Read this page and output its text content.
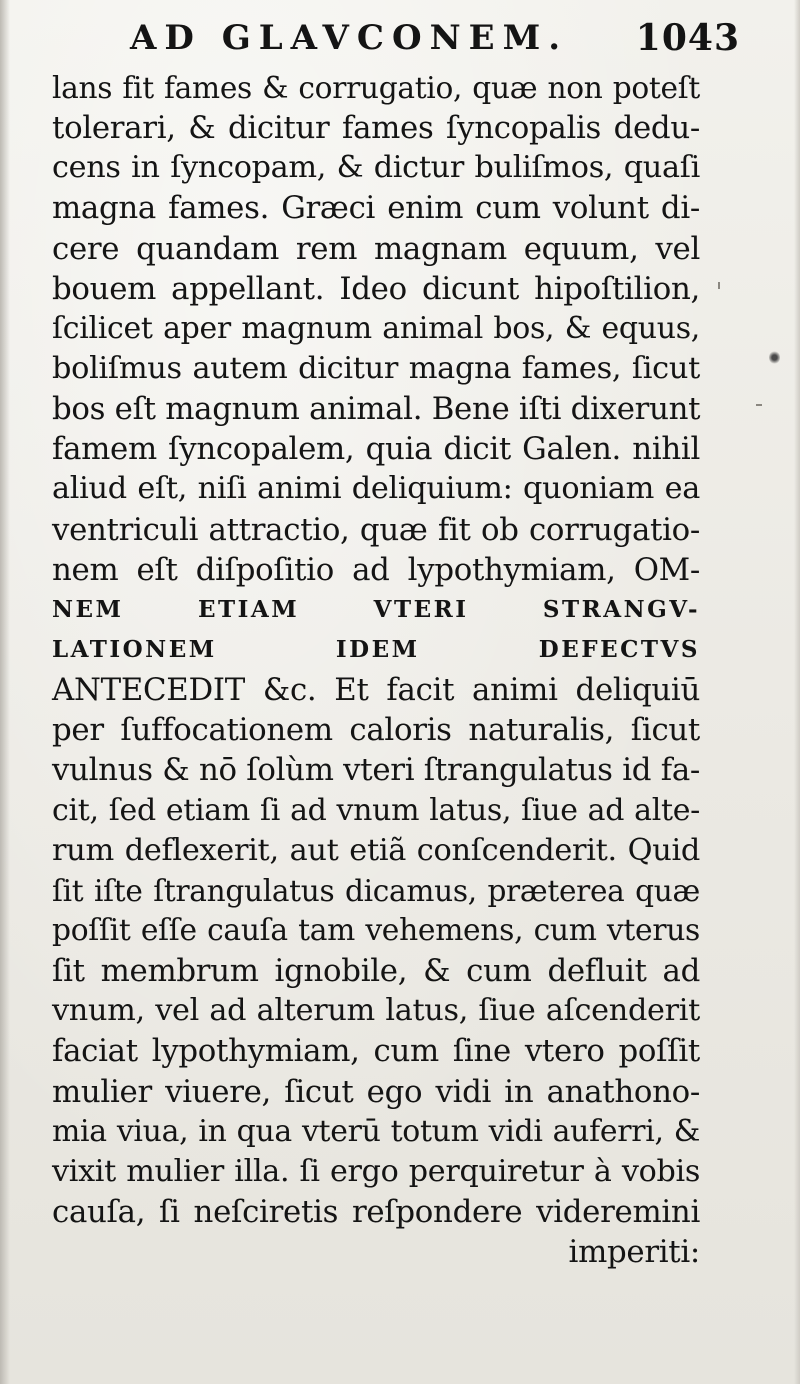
AD GLAVCONEM. 1043
lans fit fames & corrugatio, quæ non poteſt
tolerari, & dicitur fames ſyncopalis dedu-
cens in ſyncopam, & dictur buliſmos, quaſi
magna fames. Græci enim cum volunt di-
cere quandam rem magnam equum, vel
bouem appellant. Ideo dicunt hipoſtilion,
ſcilicet aper magnum animal bos, & equus,
boliſmus autem dicitur magna fames, ſicut
bos eſt magnum animal. Bene iſti dixerunt
famem ſyncopalem, quia dicit Galen. nihil
aliud eſt, niſi animi deliquium: quoniam ea
ventriculi attractio, quæ fit ob corrugatio-
nem eſt diſpoſitio ad lypothymiam, OM-
NEM ETIAM VTERI STRANGV-
LATIONEM IDEM DEFECTVS
ANTECEDIT &c. Et facit animi deliquiū
per ſuffocationem caloris naturalis, ſicut
vulnus & nō ſolùm vteri ſtrangulatus id fa-
cit, ſed etiam ſi ad vnum latus, ſiue ad alte-
rum deflexerit, aut etiã conſcenderit. Quid
ſit iſte ſtrangulatus dicamus, præterea quæ
poſſit eſſe cauſa tam vehemens, cum vterus
ſit membrum ignobile, & cum defluit ad
vnum, vel ad alterum latus, ſiue aſcenderit
faciat lypothymiam, cum ſine vtero poſſit
mulier viuere, ſicut ego vidi in anathono-
mia viua, in qua vterū totum vidi auferri, &
vixit mulier illa. ſi ergo perquiretur à vobis
cauſa, ſi neſciretis reſpondere videremini
imperiti:
